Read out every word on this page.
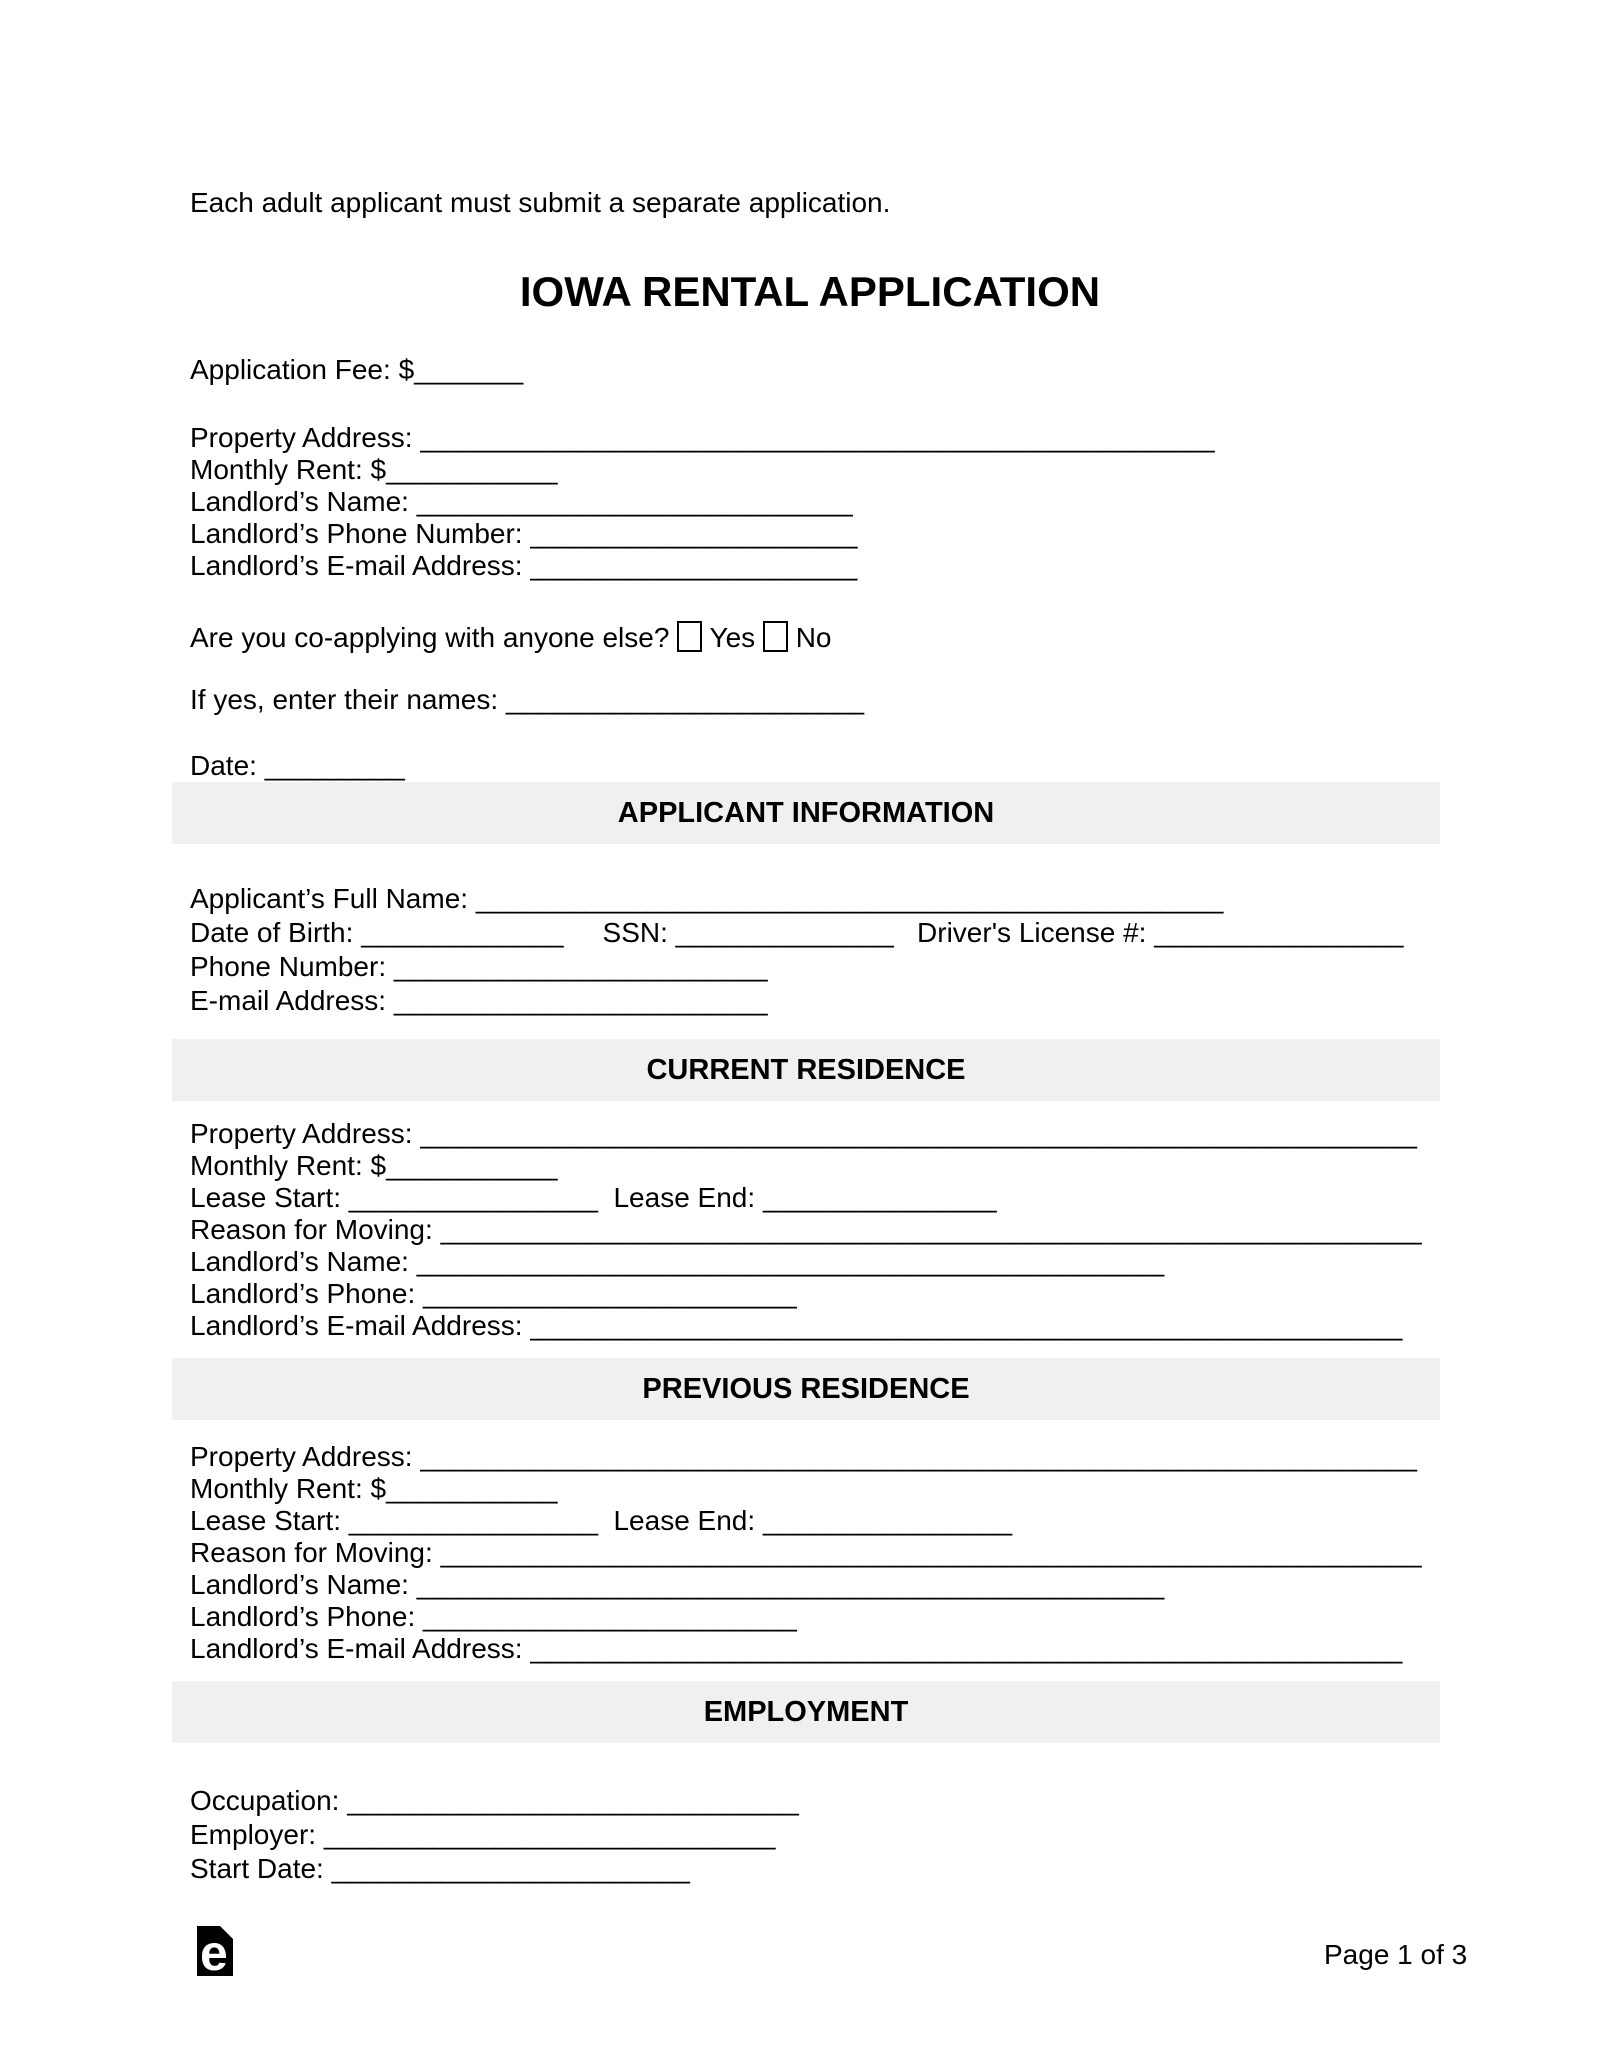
Each adult applicant must submit a separate application.

IOWA RENTAL APPLICATION

Application Fee: $_______

Property Address: ___________________________________________________

Monthly Rent: $___________

Landlord’s Name: ____________________________

Landlord’s Phone Number: _____________________

Landlord’s E-mail Address: _____________________

Are you co-applying with anyone else?  Yes  No

If yes, enter their names: _______________________

Date: _________

APPLICANT INFORMATION

Applicant’s Full Name: ________________________________________________

Date of Birth: _____________     SSN: ______________   Driver's License #: ________________

Phone Number: ________________________

E-mail Address: ________________________

CURRENT RESIDENCE

Property Address: ________________________________________________________________

Monthly Rent: $___________

Lease Start: ________________  Lease End: _______________

Reason for Moving: _______________________________________________________________

Landlord’s Name: ________________________________________________

Landlord’s Phone: ________________________

Landlord’s E-mail Address: ________________________________________________________

PREVIOUS RESIDENCE

Property Address: ________________________________________________________________

Monthly Rent: $___________

Lease Start: ________________  Lease End: ________________

Reason for Moving: _______________________________________________________________

Landlord’s Name: ________________________________________________

Landlord’s Phone: ________________________

Landlord’s E-mail Address: ________________________________________________________

EMPLOYMENT

Occupation: _____________________________

Employer: _____________________________

Start Date: _______________________

e	Page 1 of 3
